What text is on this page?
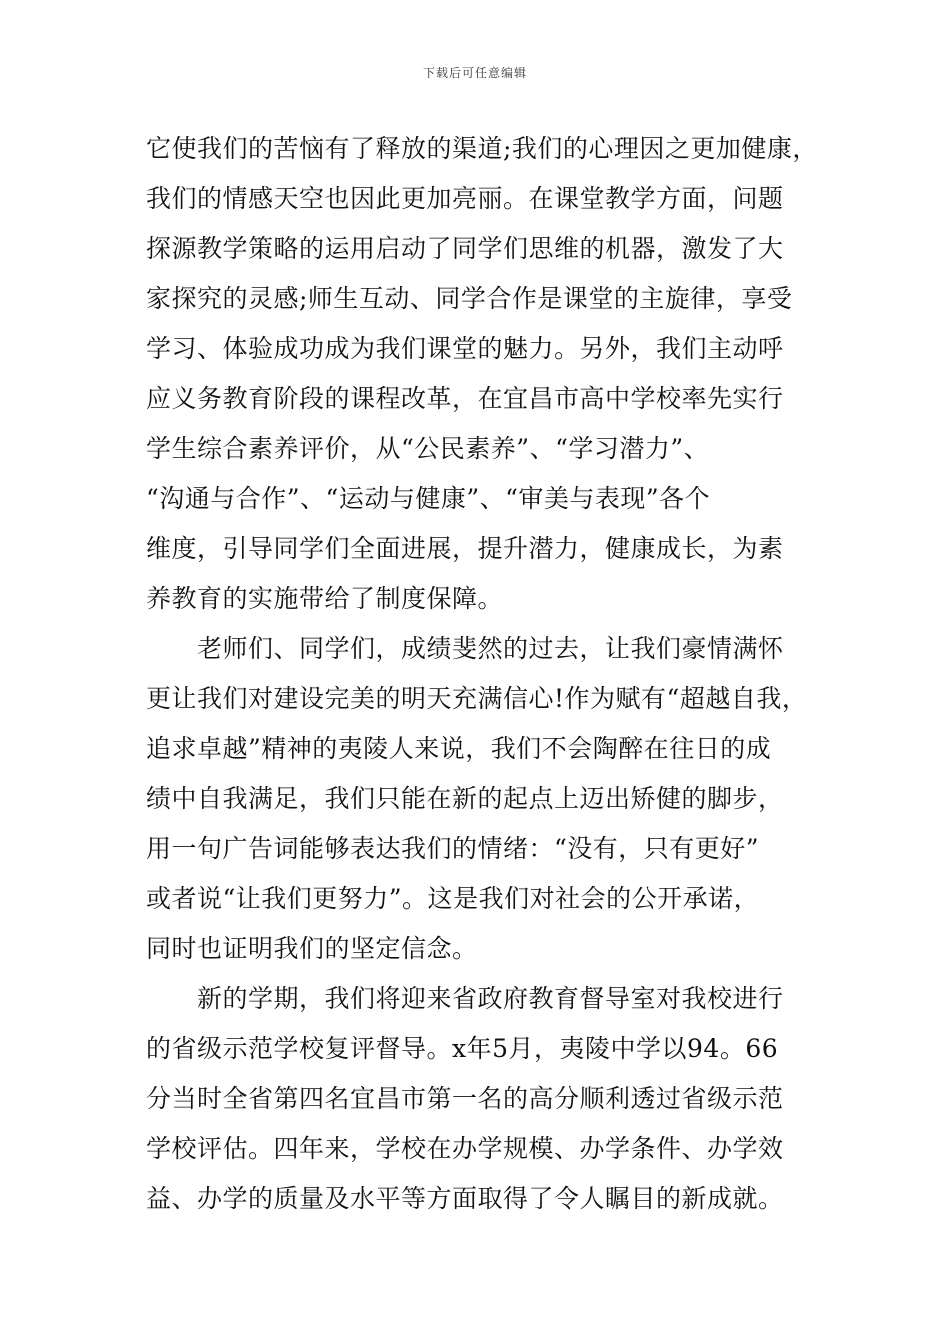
下载后可任意编辑
它使我们的苦恼有了释放的渠道;我们的心理因之更加健康，
我们的情感天空也因此更加亮丽。在课堂教学方面，问题
探源教学策略的运用启动了同学们思维的机器，激发了大
家探究的灵感;师生互动、同学合作是课堂的主旋律，享受
学习、体验成功成为我们课堂的魅力。另外，我们主动呼
应义务教育阶段的课程改革，在宜昌市高中学校率先实行
学生综合素养评价，从“公民素养”、“学习潜力”、
“沟通与合作”、“运动与健康”、“审美与表现”各个
维度，引导同学们全面进展，提升潜力，健康成长，为素
养教育的实施带给了制度保障。
　　老师们、同学们，成绩斐然的过去，让我们豪情满怀
更让我们对建设完美的明天充满信心!作为赋有“超越自我，
追求卓越”精神的夷陵人来说，我们不会陶醉在往日的成
绩中自我满足，我们只能在新的起点上迈出矫健的脚步，
用一句广告词能够表达我们的情绪：“没有，只有更好”
或者说“让我们更努力”。这是我们对社会的公开承诺，
同时也证明我们的坚定信念。
　　新的学期，我们将迎来省政府教育督导室对我校进行
的省级示范学校复评督导。x年5月，夷陵中学以94。66
分当时全省第四名宜昌市第一名的高分顺利透过省级示范
学校评估。四年来，学校在办学规模、办学条件、办学效
益、办学的质量及水平等方面取得了令人瞩目的新成就。
